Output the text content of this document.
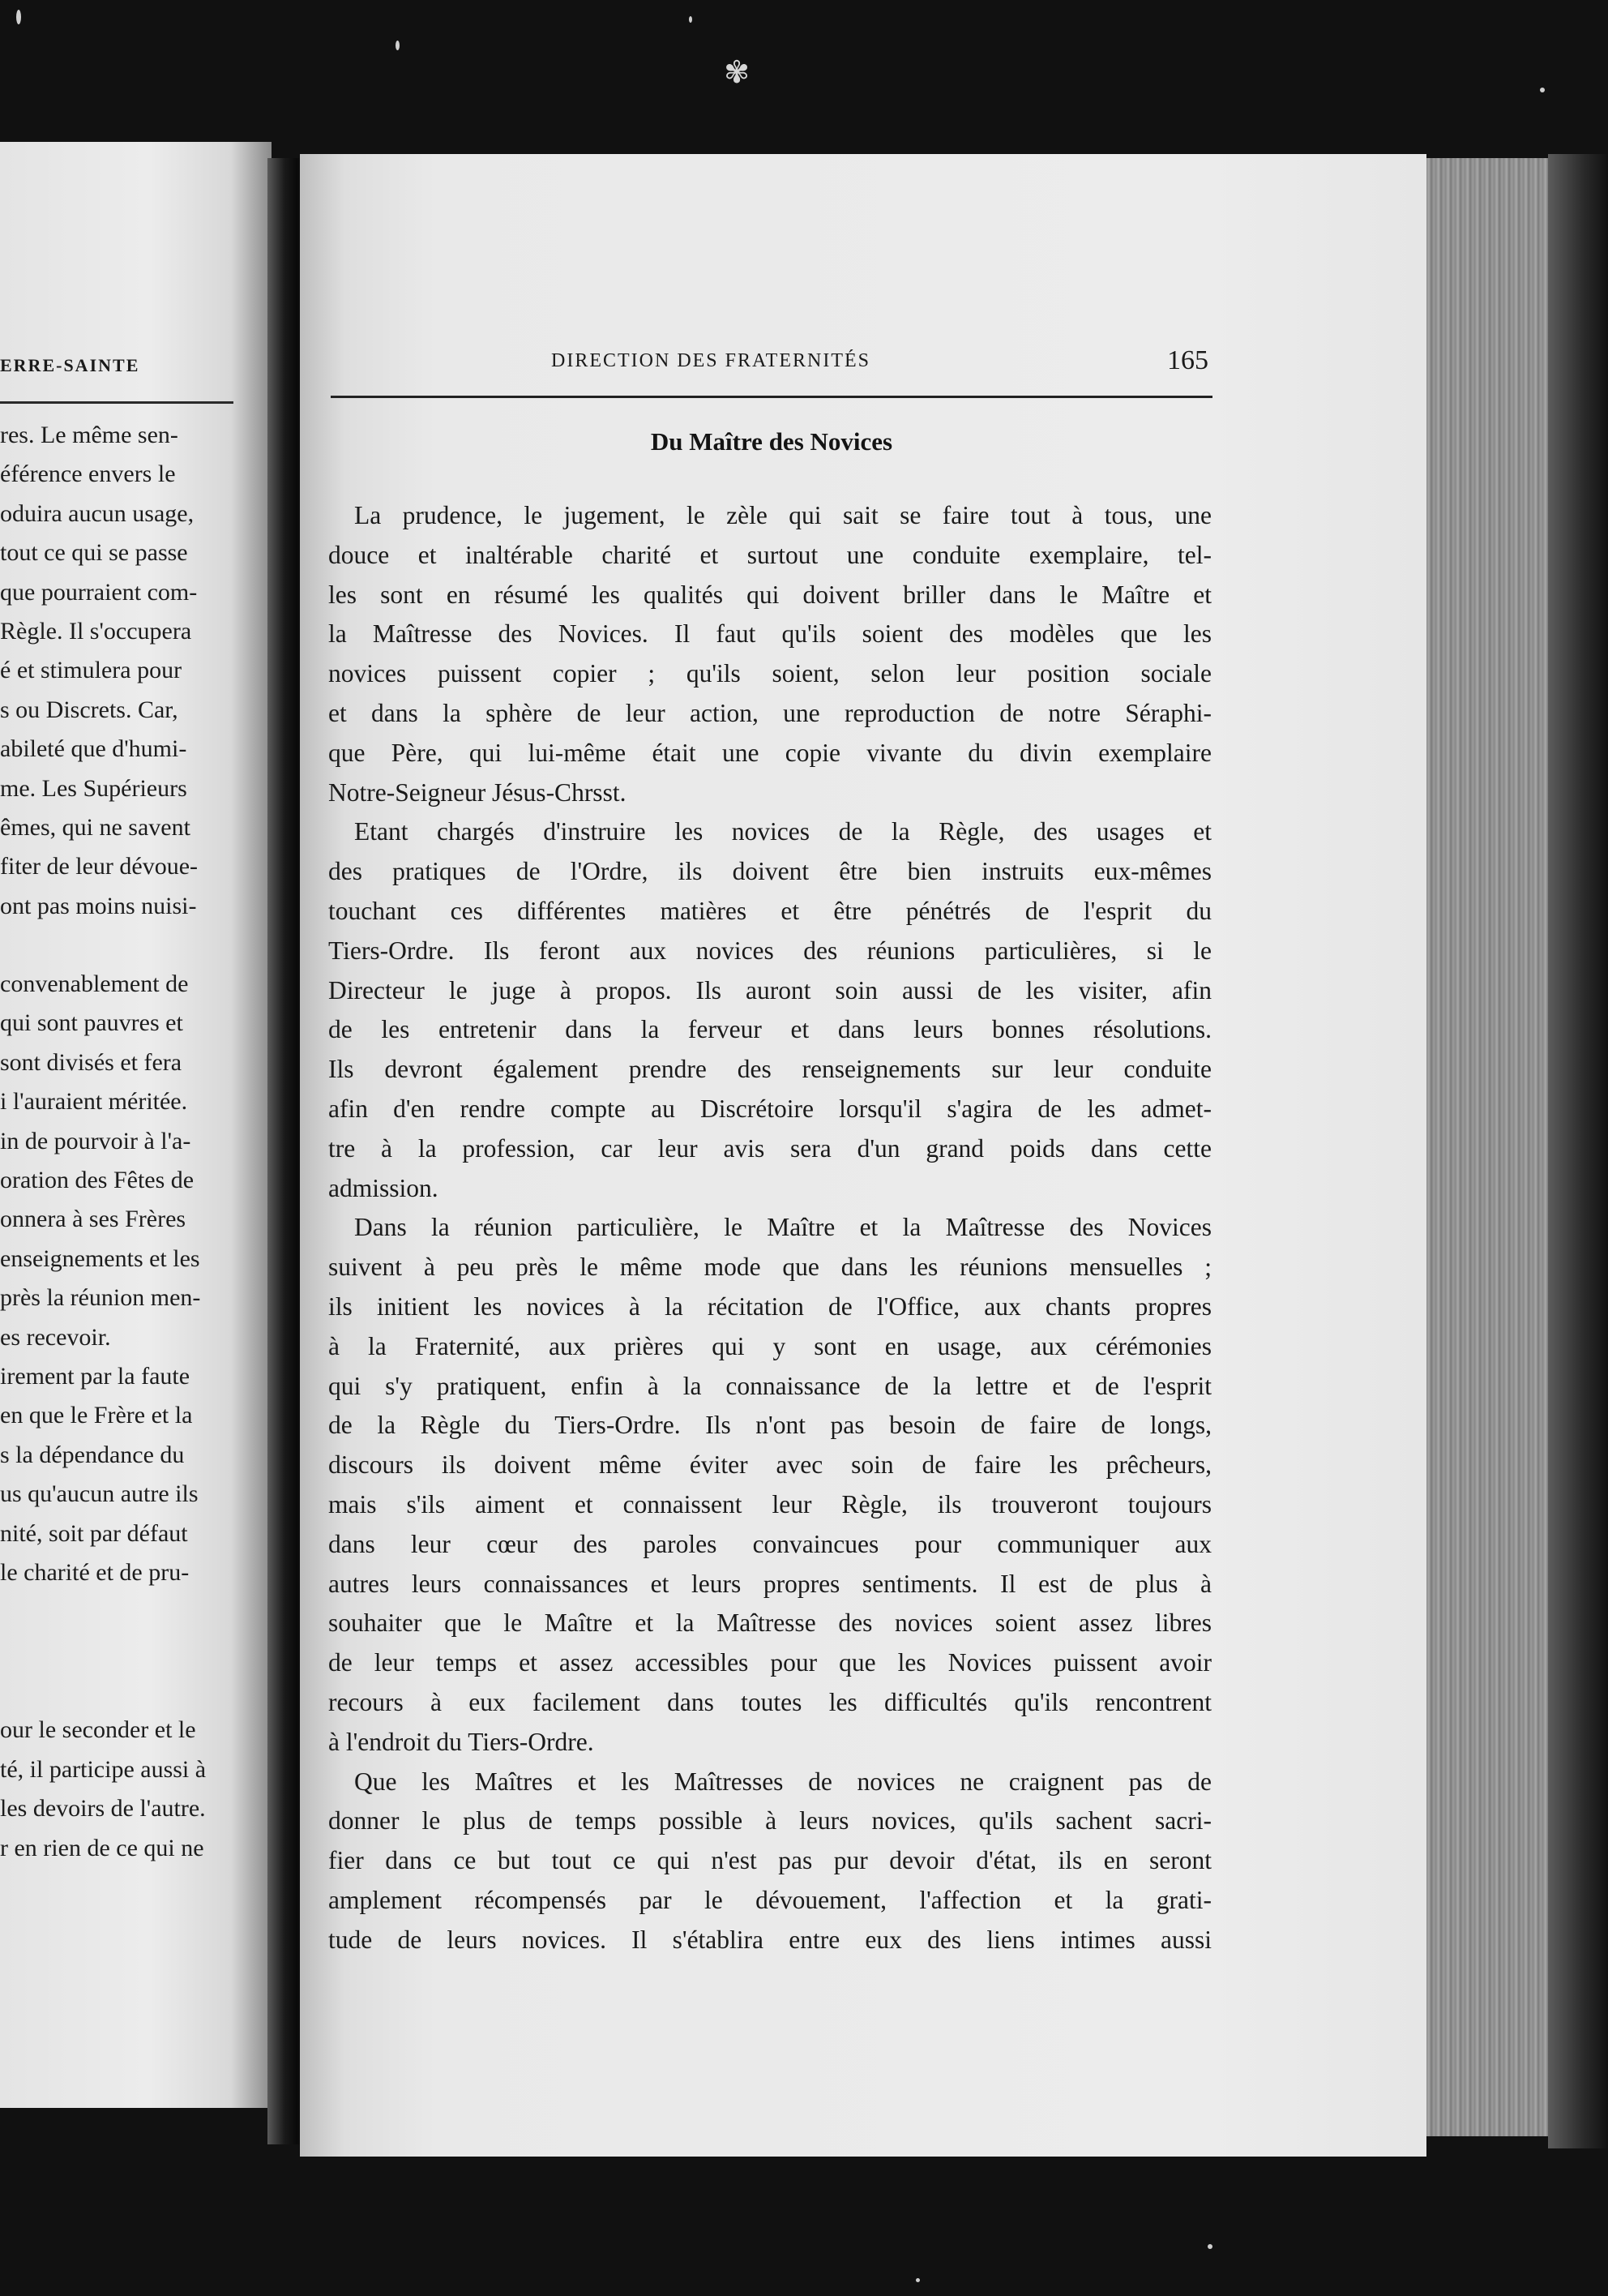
✾
ERRE-SAINTE
res. Le même sen-
éférence envers le
oduira aucun usage,
tout ce qui se passe
que pourraient com-
Règle. Il s'occupera
é et stimulera pour
s ou Discrets. Car,
abileté que d'humi-
me. Les Supérieurs
êmes, qui ne savent
fiter de leur dévoue-
ont pas moins nuisi-
convenablement de
qui sont pauvres et
sont divisés et fera
i l'auraient méritée.
in de pourvoir à l'a-
oration des Fêtes de
onnera à ses Frères
enseignements et les
près la réunion men-
es recevoir.
irement par la faute
en que le Frère et la
s la dépendance du
us qu'aucun autre ils
nité, soit par défaut
le charité et de pru-
our le seconder et le
té, il participe aussi à
les devoirs de l'autre.
r en rien de ce qui ne
DIRECTION DES FRATERNITÉS	165
Du Maître des Novices
La prudence, le jugement, le zèle qui sait se faire tout à tous, une
douce et inaltérable charité et surtout une conduite exemplaire, tel-
les sont en résumé les qualités qui doivent briller dans le Maître et
la Maîtresse des Novices. Il faut qu'ils soient des modèles que les
novices puissent copier ; qu'ils soient, selon leur position sociale
et dans la sphère de leur action, une reproduction de notre Séraphi-
que Père, qui lui-même était une copie vivante du divin exemplaire
Notre-Seigneur Jésus-Chrsst.
Etant chargés d'instruire les novices de la Règle, des usages et
des pratiques de l'Ordre, ils doivent être bien instruits eux-mêmes
touchant ces différentes matières et être pénétrés de l'esprit du
Tiers-Ordre. Ils feront aux novices des réunions particulières, si le
Directeur le juge à propos. Ils auront soin aussi de les visiter, afin
de les entretenir dans la ferveur et dans leurs bonnes résolutions.
Ils devront également prendre des renseignements sur leur conduite
afin d'en rendre compte au Discrétoire lorsqu'il s'agira de les admet-
tre à la profession, car leur avis sera d'un grand poids dans cette
admission.
Dans la réunion particulière, le Maître et la Maîtresse des Novices
suivent à peu près le même mode que dans les réunions mensuelles ;
ils initient les novices à la récitation de l'Office, aux chants propres
à la Fraternité, aux prières qui y sont en usage, aux cérémonies
qui s'y pratiquent, enfin à la connaissance de la lettre et de l'esprit
de la Règle du Tiers-Ordre. Ils n'ont pas besoin de faire de longs,
discours ils doivent même éviter avec soin de faire les prêcheurs,
mais s'ils aiment et connaissent leur Règle, ils trouveront toujours
dans leur cœur des paroles convaincues pour communiquer aux
autres leurs connaissances et leurs propres sentiments. Il est de plus à
souhaiter que le Maître et la Maîtresse des novices soient assez libres
de leur temps et assez accessibles pour que les Novices puissent avoir
recours à eux facilement dans toutes les difficultés qu'ils rencontrent
à l'endroit du Tiers-Ordre.
Que les Maîtres et les Maîtresses de novices ne craignent pas de
donner le plus de temps possible à leurs novices, qu'ils sachent sacri-
fier dans ce but tout ce qui n'est pas pur devoir d'état, ils en seront
amplement récompensés par le dévouement, l'affection et la grati-
tude de leurs novices. Il s'établira entre eux des liens intimes aussi
